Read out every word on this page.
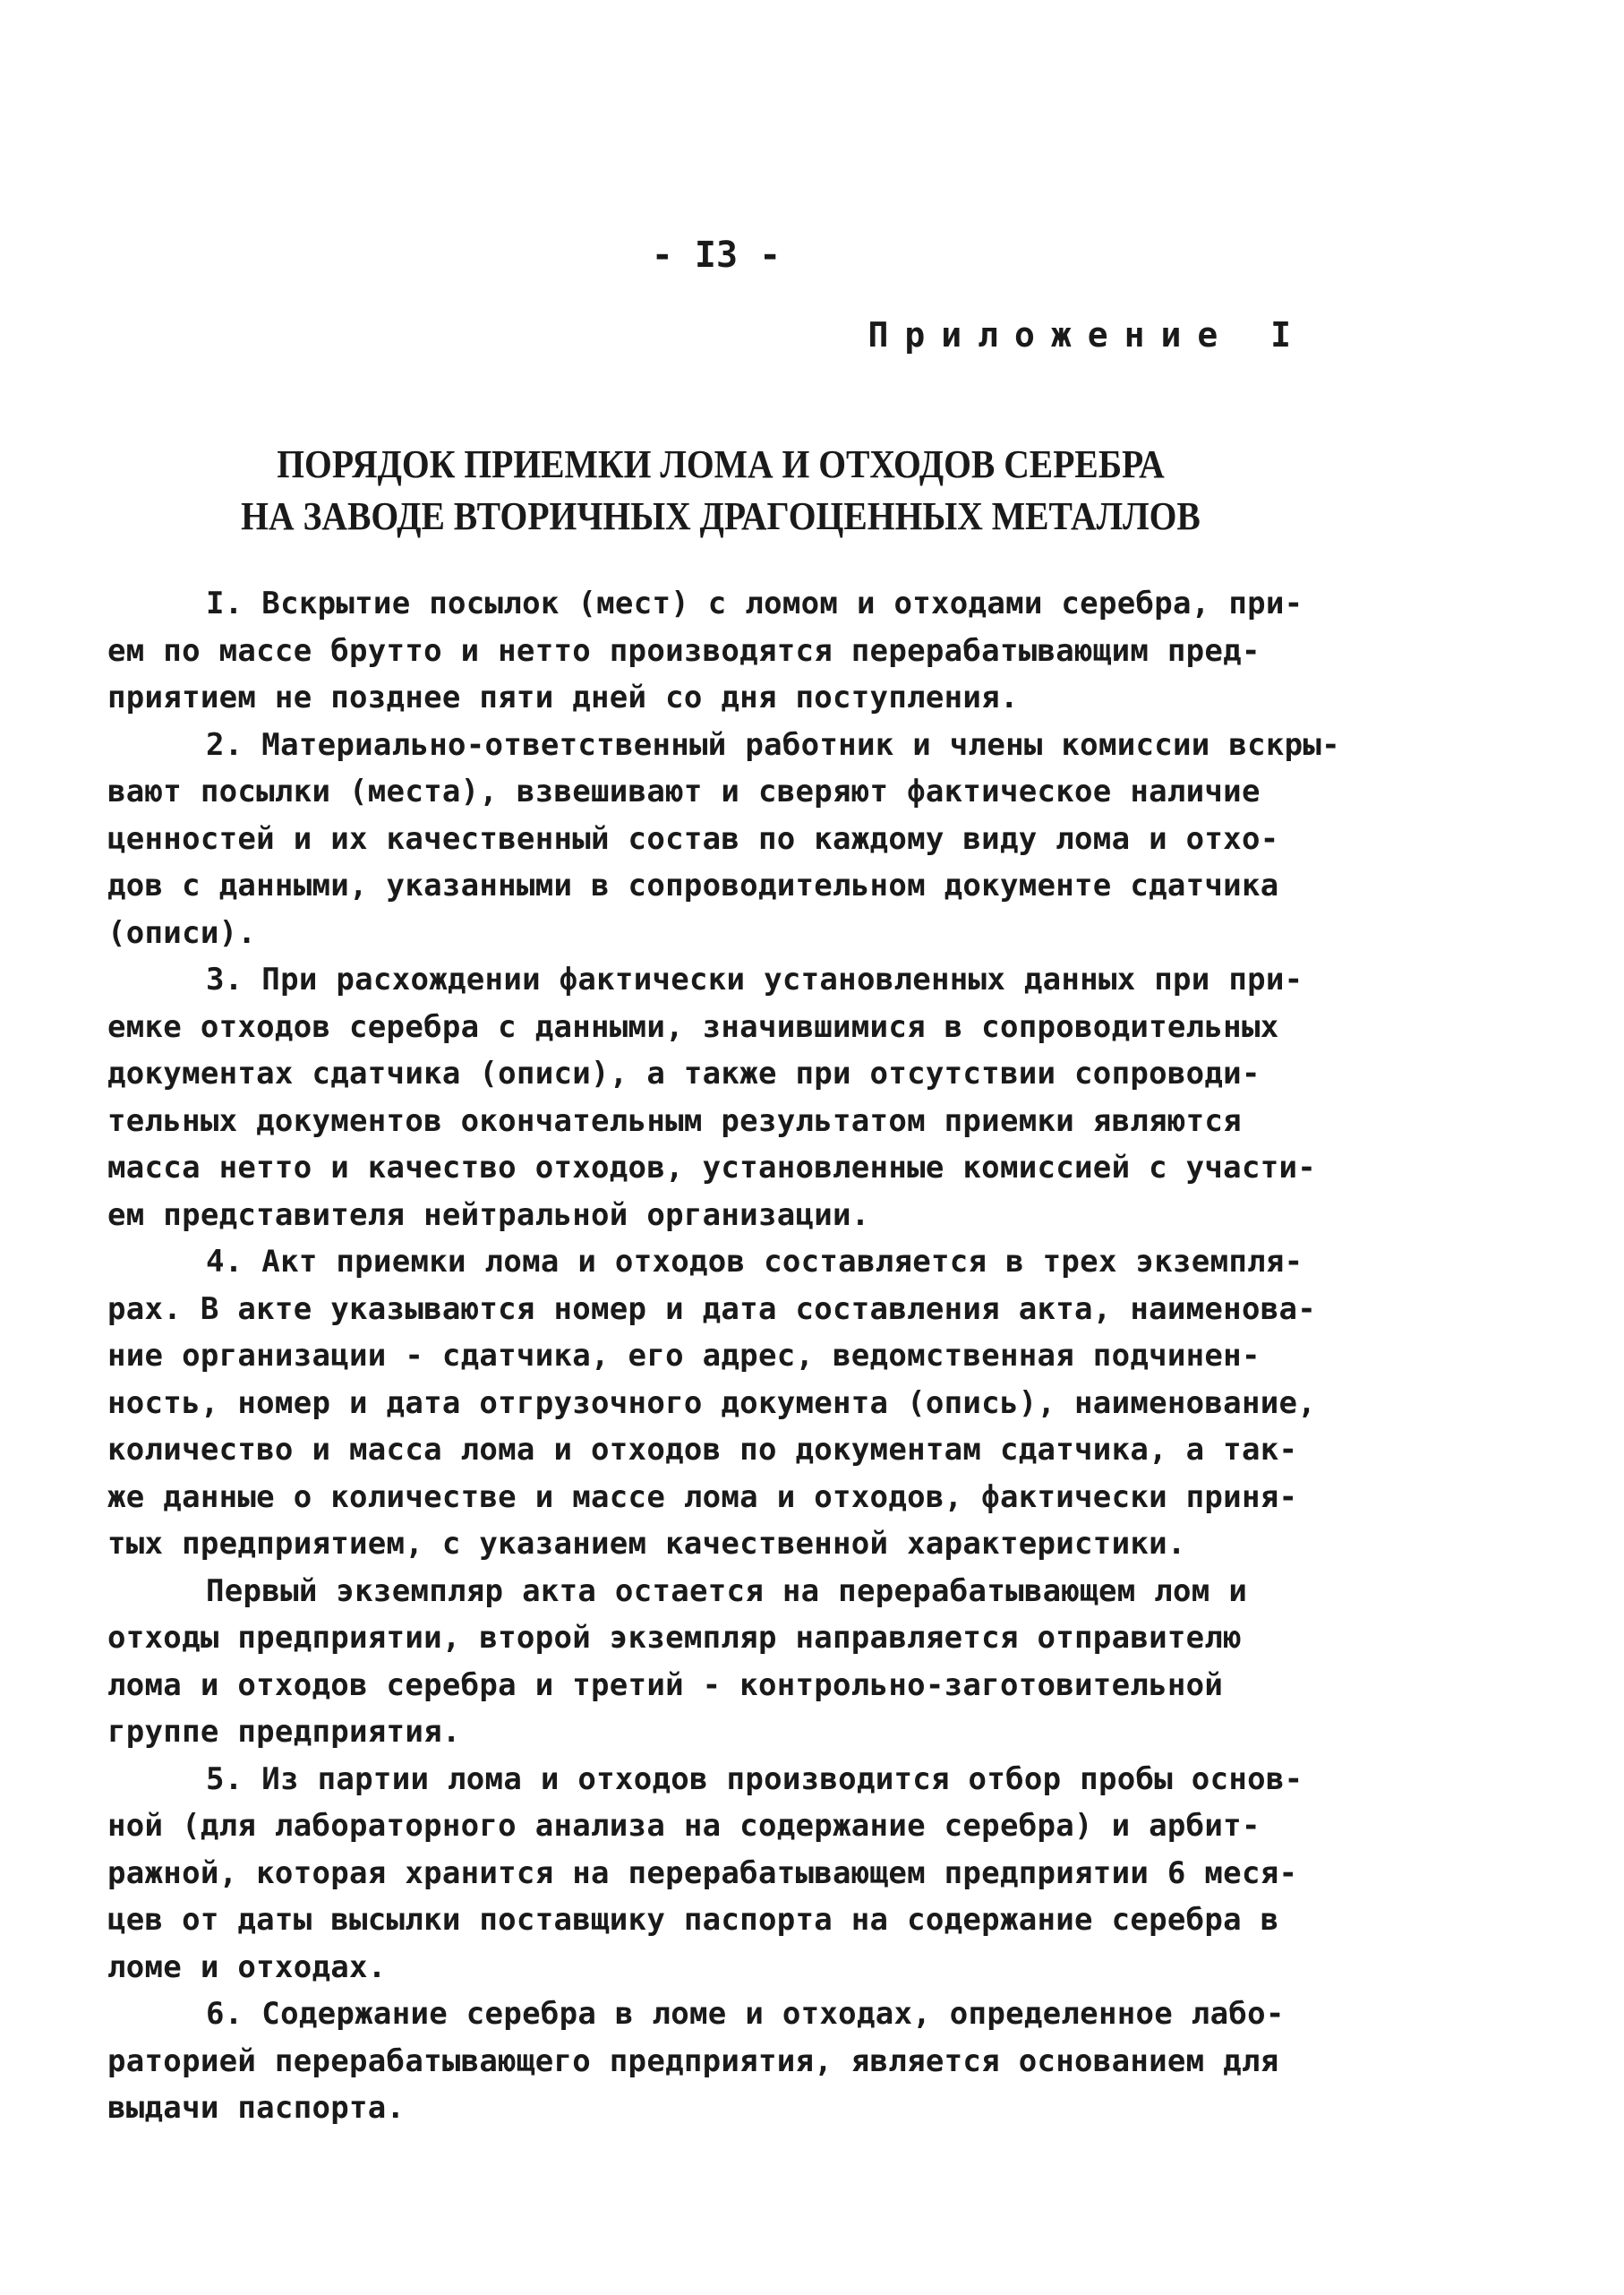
- I3 -
Приложение I
ПОРЯДОК ПРИЕМКИ ЛОМА И ОТХОДОВ СЕРЕБРА
НА ЗАВОДЕ ВТОРИЧНЫХ ДРАГОЦЕННЫХ МЕТАЛЛОВ
I. Вскрытие посылок (мест) с ломом и отходами серебра, при-
ем по массе брутто и нетто производятся перерабатывающим пред-
приятием не позднее пяти дней со дня поступления.
2. Материально-ответственный работник и члены комиссии вскры-
вают посылки (места), взвешивают и сверяют фактическое наличие
ценностей и их качественный состав по каждому виду лома и отхо-
дов с данными, указанными в сопроводительном документе сдатчика
(описи).
3. При расхождении фактически установленных данных при при-
емке отходов серебра с данными, значившимися в сопроводительных
документах сдатчика (описи), а также при отсутствии сопроводи-
тельных документов окончательным результатом приемки являются
масса нетто и качество отходов, установленные комиссией с участи-
ем представителя нейтральной организации.
4. Акт приемки лома и отходов составляется в трех экземпля-
рах. В акте указываются номер и дата составления акта, наименова-
ние организации - сдатчика, его адрес, ведомственная подчинен-
ность, номер и дата отгрузочного документа (опись), наименование,
количество и масса лома и отходов по документам сдатчика, а так-
же данные о количестве и массе лома и отходов, фактически приня-
тых предприятием, с указанием качественной характеристики.
Первый экземпляр акта остается на перерабатывающем лом и
отходы предприятии, второй экземпляр направляется отправителю
лома и отходов серебра и третий - контрольно-заготовительной
группе предприятия.
5. Из партии лома и отходов производится отбор пробы основ-
ной (для лабораторного анализа на содержание серебра) и арбит-
ражной, которая хранится на перерабатывающем предприятии 6 меся-
цев от даты высылки поставщику паспорта на содержание серебра в
ломе и отходах.
6. Содержание серебра в ломе и отходах, определенное лабо-
раторией перерабатывающего предприятия, является основанием для
выдачи паспорта.
